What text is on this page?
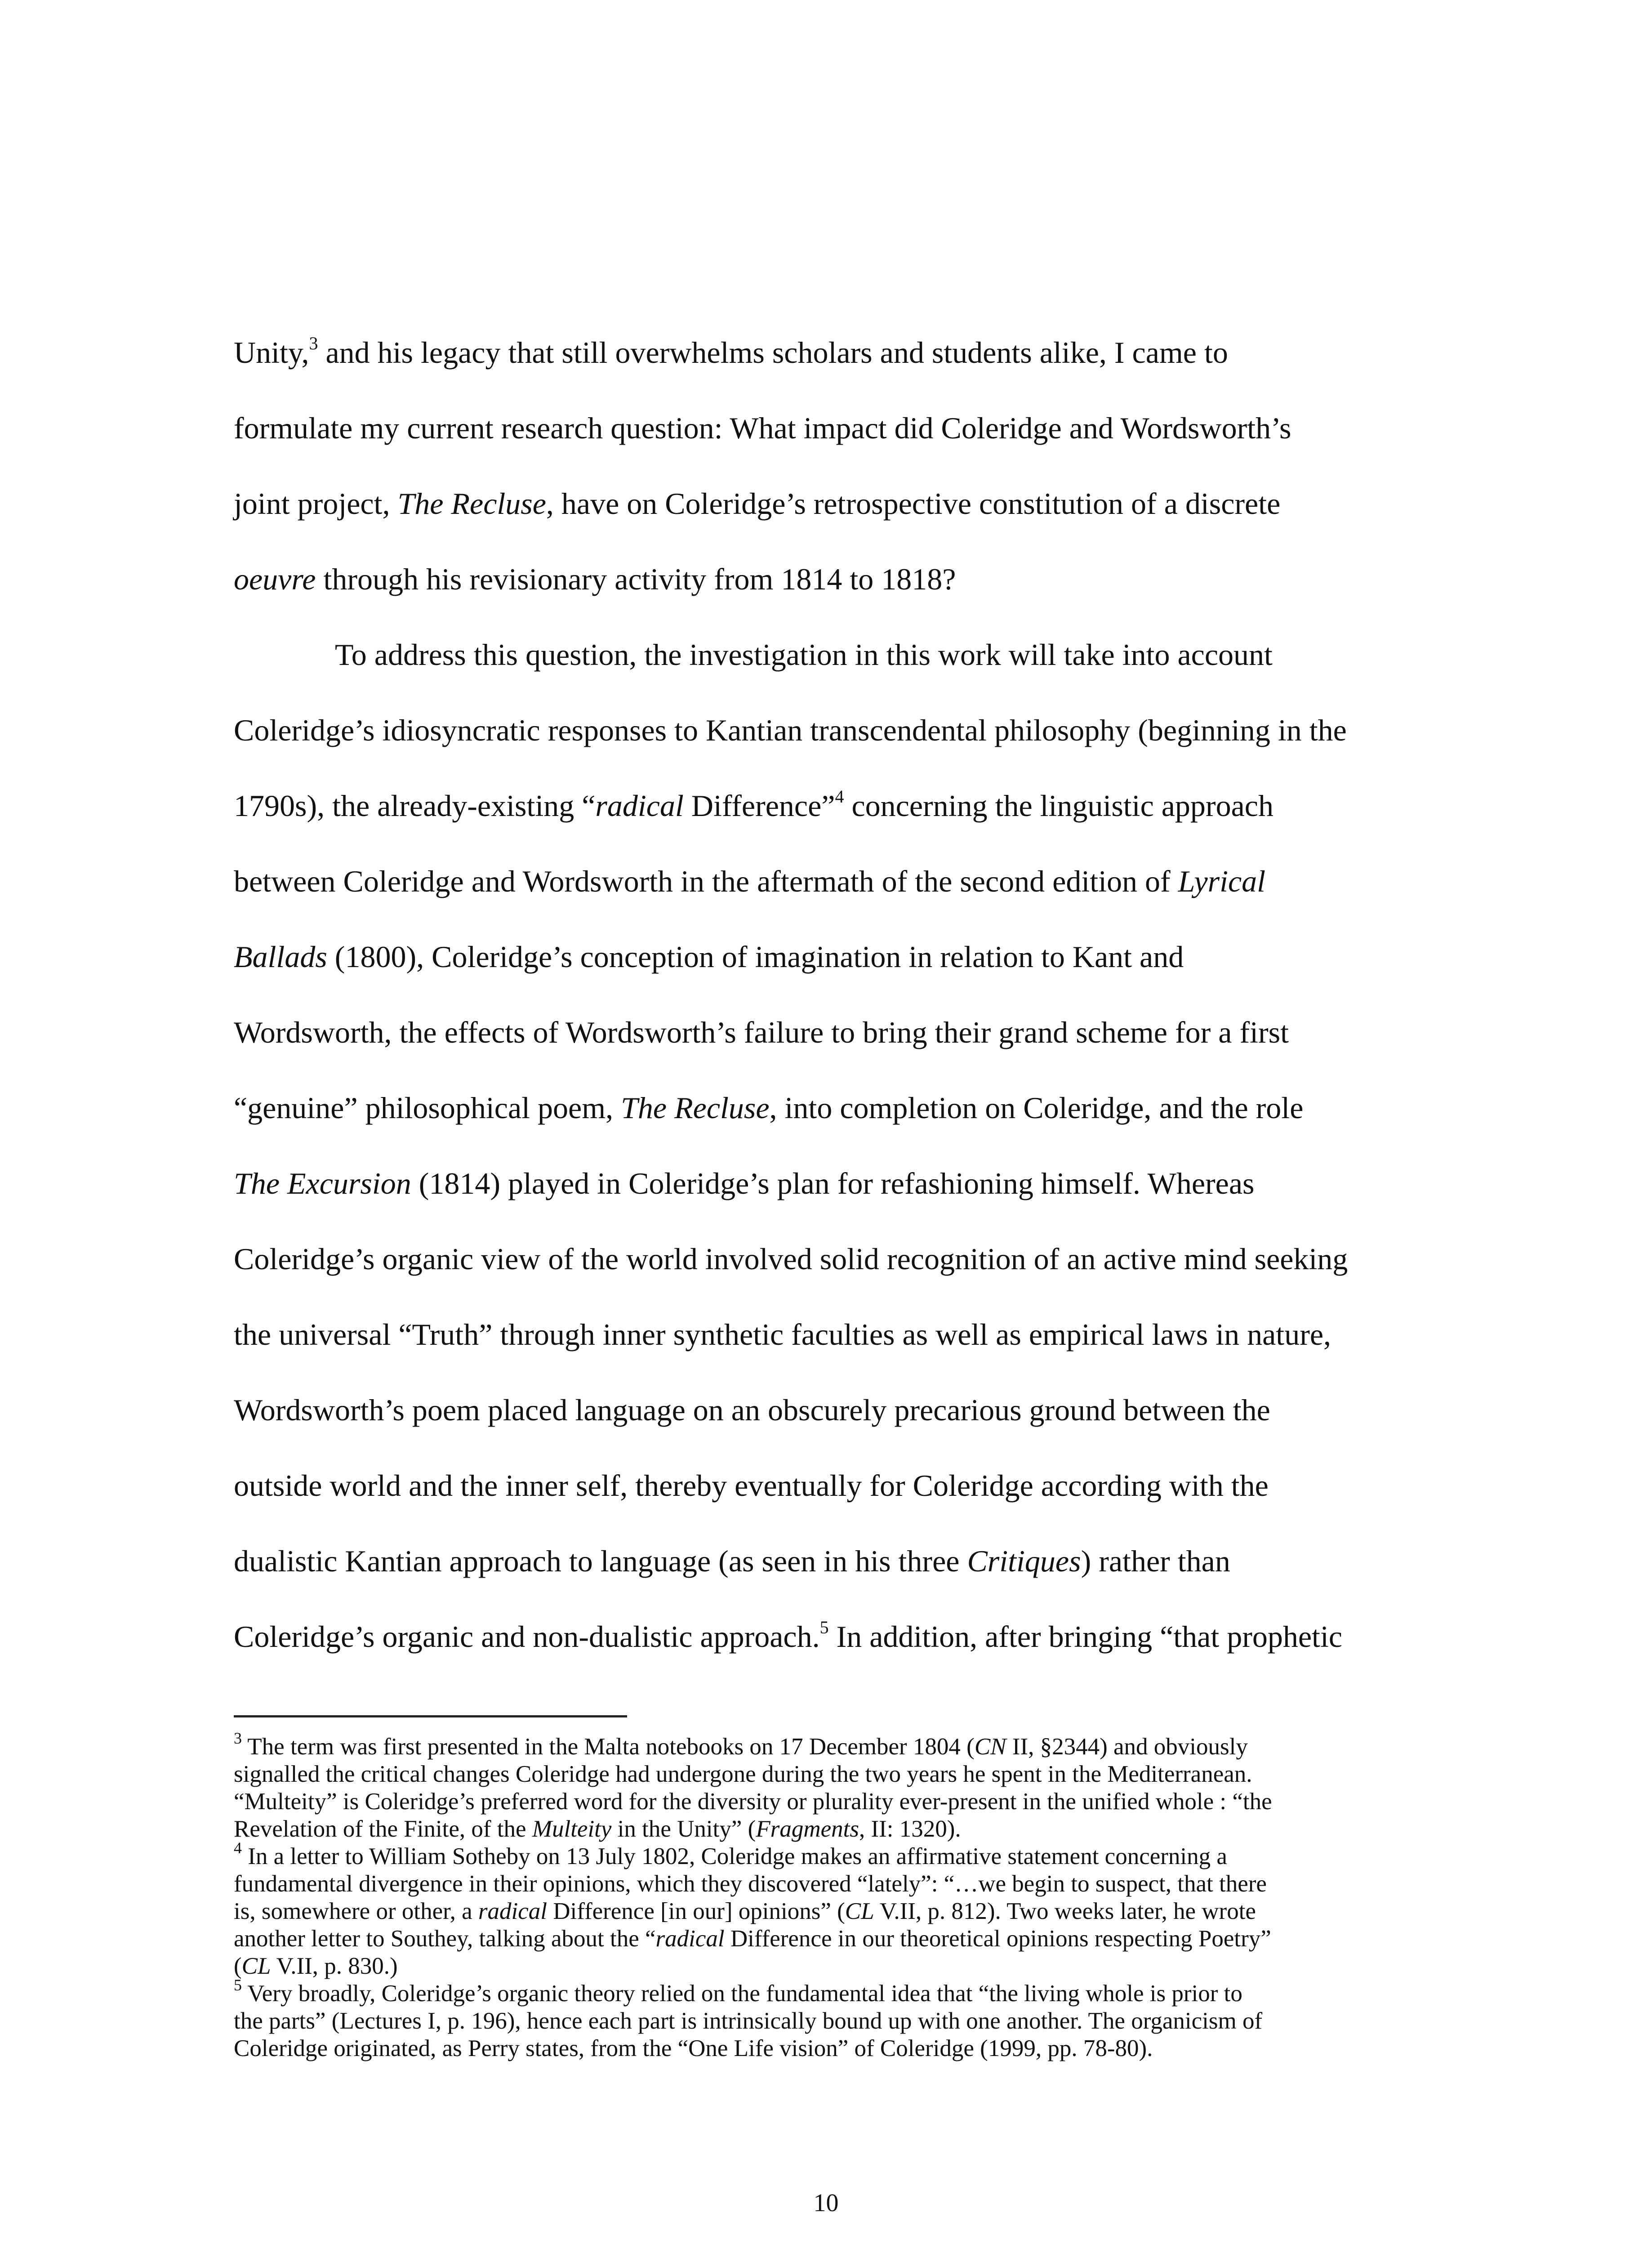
Unity,$^3$ and his legacy that still overwhelms scholars and students alike, I came to
formulate my current research question: What impact did Coleridge and Wordsworth’s
joint project, The Recluse, have on Coleridge’s retrospective constitution of a discrete
oeuvre through his revisionary activity from 1814 to 1818?
To address this question, the investigation in this work will take into account
Coleridge’s idiosyncratic responses to Kantian transcendental philosophy (beginning in the
1790s), the already-existing “radical Difference”$^4$ concerning the linguistic approach
between Coleridge and Wordsworth in the aftermath of the second edition of Lyrical
Ballads (1800), Coleridge’s conception of imagination in relation to Kant and
Wordsworth, the effects of Wordsworth’s failure to bring their grand scheme for a first
“genuine” philosophical poem, The Recluse, into completion on Coleridge, and the role
The Excursion (1814) played in Coleridge’s plan for refashioning himself. Whereas
Coleridge’s organic view of the world involved solid recognition of an active mind seeking
the universal “Truth” through inner synthetic faculties as well as empirical laws in nature,
Wordsworth’s poem placed language on an obscurely precarious ground between the
outside world and the inner self, thereby eventually for Coleridge according with the
dualistic Kantian approach to language (as seen in his three Critiques) rather than
Coleridge’s organic and non-dualistic approach.$^5$ In addition, after bringing “that prophetic
$^3$ The term was first presented in the Malta notebooks on 17 December 1804 (CN II, §2344) and obviously
signalled the critical changes Coleridge had undergone during the two years he spent in the Mediterranean.
“Multeity” is Coleridge’s preferred word for the diversity or plurality ever-present in the unified whole : “the
Revelation of the Finite, of the Multeity in the Unity” (Fragments, II: 1320).
$^4$ In a letter to William Sotheby on 13 July 1802, Coleridge makes an affirmative statement concerning a
fundamental divergence in their opinions, which they discovered “lately”: “…we begin to suspect, that there
is, somewhere or other, a radical Difference [in our] opinions” (CL V.II, p. 812). Two weeks later, he wrote
another letter to Southey, talking about the “radical Difference in our theoretical opinions respecting Poetry”
(CL V.II, p. 830.)
$^5$ Very broadly, Coleridge’s organic theory relied on the fundamental idea that “the living whole is prior to
the parts” (Lectures I, p. 196), hence each part is intrinsically bound up with one another. The organicism of
Coleridge originated, as Perry states, from the “One Life vision” of Coleridge (1999, pp. 78-80).
10
